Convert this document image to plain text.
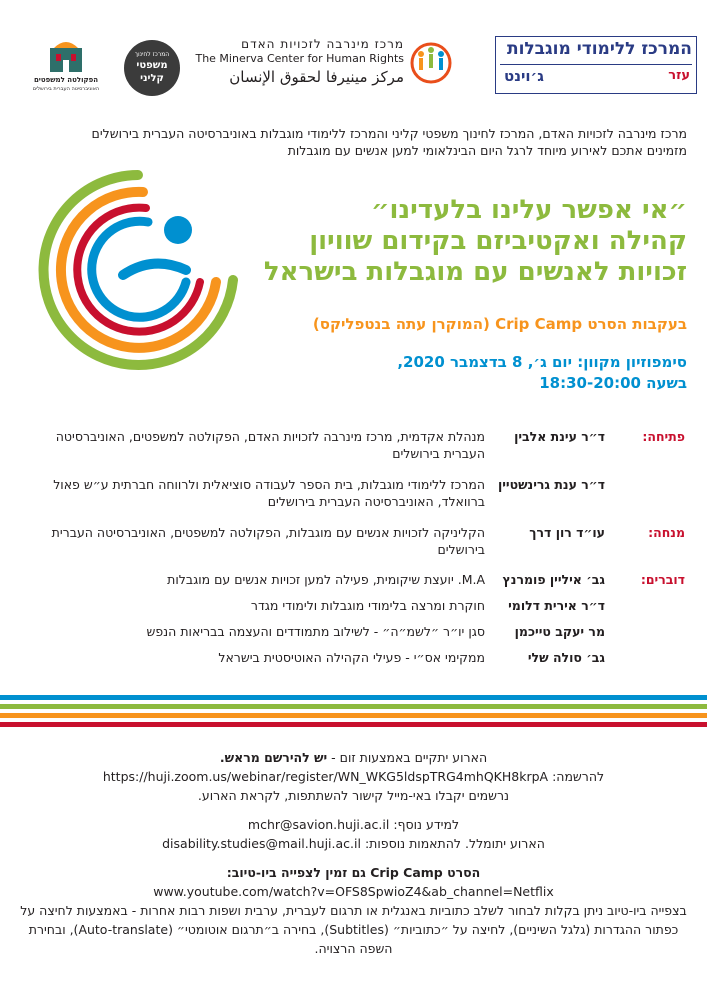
המרכז ללימודי מוגבלות
עזר
ג׳וינט
מרכז מינרבה לזכויות האדם
The Minerva Center for Human Rights
مركز مينيرفا لحقوق الإنسان
המרכז לחינוך
משפטי
קליני
הפקולטה למשפטים
האוניברסיטה העברית בירושלים
מרכז מינרבה לזכויות האדם, המרכז לחינוך משפטי קליני והמרכז ללימודי מוגבלות באוניברסיטה העברית בירושלים מזמינים אתכם לאירוע מיוחד לרגל היום הבינלאומי למען אנשים עם מוגבלות
״אי אפשר עלינו בלעדינו״
קהילה ואקטיביזם בקידום שוויון
זכויות לאנשים עם מוגבלות בישראל
בעקבות הסרט Crip Camp (המוקרן עתה בנטפליקס)
סימפוזיון מקוון: יום ג׳, 8 בדצמבר 2020,
בשעה 18:30-20:00
פתיחה:
ד״ר עינת אלבין
מנהלת אקדמית, מרכז מינרבה לזכויות האדם, הפקולטה למשפטים, האוניברסיטה העברית בירושלים
ד״ר ענת גרינשטיין
המרכז ללימודי מוגבלות, בית הספר לעבודה סוציאלית ולרווחה חברתית ע״ש פאול ברוואלד, האוניברסיטה העברית בירושלים
מנחה:
עו״ד רון דרך
הקליניקה לזכויות אנשים עם מוגבלות, הפקולטה למשפטים, האוניברסיטה העברית בירושלים
דוברים:
גב׳ איליין פומרנץ
M.A. יועצת שיקומית, פעילה למען זכויות אנשים עם מוגבלות
ד״ר אירית דלומי
חוקרת ומרצה בלימודי מוגבלות ולימודי מגדר
מר יעקב טייכמן
סגן יו״ר ״לשמ״ה״ - לשילוב מתמודדים והעצמה בבריאות הנפש
גב׳ סולה שלי
ממקימי אס״י - פעילי הקהילה האוטיסטית בישראל
הארוע יתקיים באמצעות זום - יש להירשם מראש.
להרשמה: https://huji.zoom.us/webinar/register/WN_WKG5ldspTRG4mhQKH8krpA
נרשמים יקבלו באי-מייל קישור להשתתפות, לקראת הארוע.
למידע נוסף: mchr@savion.huji.ac.il
הארוע יתומלל. להתאמות נוספות: disability.studies@mail.huji.ac.il
הסרט Crip Camp גם זמין לצפייה ביו-טיוב:
www.youtube.com/watch?v=OFS8SpwioZ4&ab_channel=Netflix
בצפייה ביו-טיוב ניתן בקלות לבחור לשלב כתוביות באנגלית או תרגום לעברית, ערבית ושפות רבות אחרות - באמצעות לחיצה על כפתור ההגדרות (גלגל השיניים), לחיצה על ״כתוביות״ (Subtitles), בחירה ב״תרגום אוטומטי״ (Auto-translate), ובחירת השפה הרצויה.
